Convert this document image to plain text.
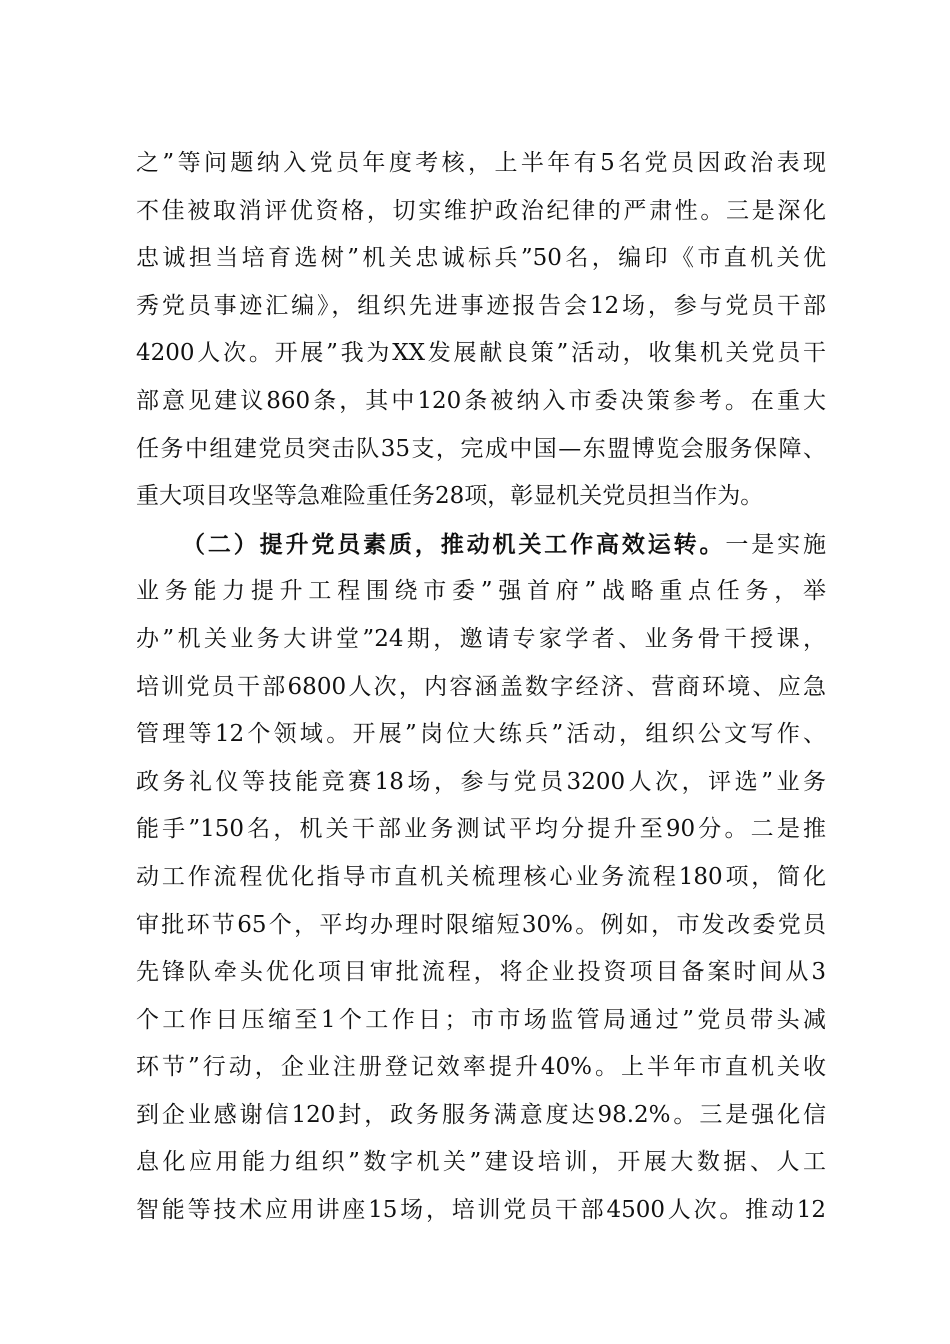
之”等问题纳入党员年度考核，上半年有5名党员因政治表现
不佳被取消评优资格，切实维护政治纪律的严肃性。三是深化
忠诚担当培育选树”机关忠诚标兵”50名，编印《市直机关优
秀党员事迹汇编》，组织先进事迹报告会12场，参与党员干部
4200人次。开展”我为XX发展献良策”活动，收集机关党员干
部意见建议860条，其中120条被纳入市委决策参考。在重大
任务中组建党员突击队35支，完成中国—东盟博览会服务保障、
重大项目攻坚等急难险重任务28项，彰显机关党员担当作为。
（二）提升党员素质，推动机关工作高效运转。一是实施
业务能力提升工程围绕市委”强首府”战略重点任务，举
办”机关业务大讲堂”24期，邀请专家学者、业务骨干授课，
培训党员干部6800人次，内容涵盖数字经济、营商环境、应急
管理等12个领域。开展”岗位大练兵”活动，组织公文写作、
政务礼仪等技能竞赛18场，参与党员3200人次，评选”业务
能手”150名，机关干部业务测试平均分提升至90分。二是推
动工作流程优化指导市直机关梳理核心业务流程180项，简化
审批环节65个，平均办理时限缩短30%。例如，市发改委党员
先锋队牵头优化项目审批流程，将企业投资项目备案时间从3
个工作日压缩至1个工作日；市市场监管局通过”党员带头减
环节”行动，企业注册登记效率提升40%。上半年市直机关收
到企业感谢信120封，政务服务满意度达98.2%。三是强化信
息化应用能力组织”数字机关”建设培训，开展大数据、人工
智能等技术应用讲座15场，培训党员干部4500人次。推动12
